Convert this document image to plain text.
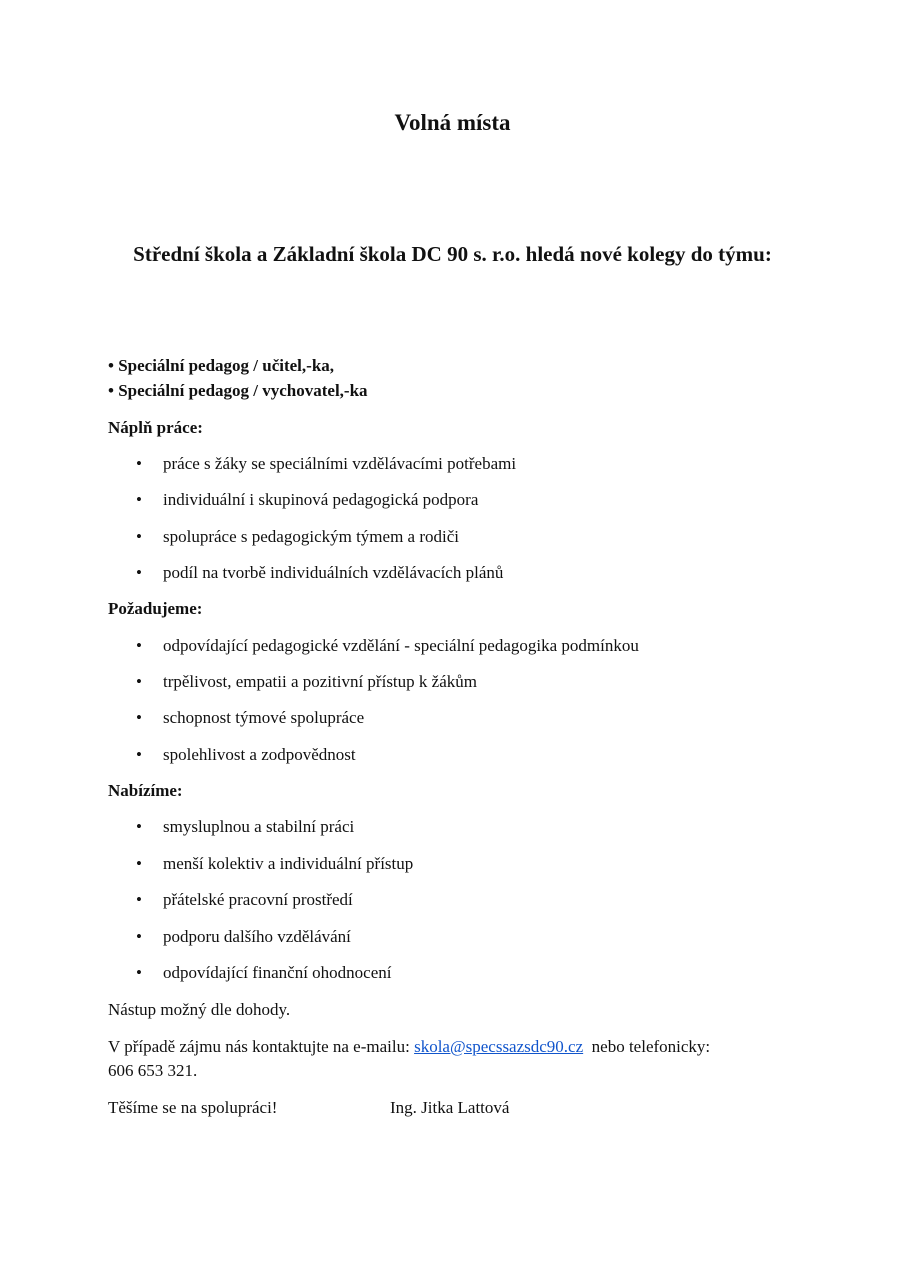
Volná místa
Střední škola a Základní škola DC 90 s. r.o. hledá nové kolegy do týmu:

• Speciální pedagog / učitel,-ka,

• Speciální pedagog / vychovatel,-ka

Náplň práce:

• práce s žáky se speciálními vzdělávacími potřebami
• individuální i skupinová pedagogická podpora
• spolupráce s pedagogickým týmem a rodiči
• podíl na tvorbě individuálních vzdělávacích plánů

Požadujeme:

• odpovídající pedagogické vzdělání - speciální pedagogika podmínkou
• trpělivost, empatii a pozitivní přístup k žákům
• schopnost týmové spolupráce
• spolehlivost a zodpovědnost

Nabízíme:

• smysluplnou a stabilní práci
• menší kolektiv a individuální přístup
• přátelské pracovní prostředí
• podporu dalšího vzdělávání
• odpovídající finanční ohodnocení

Nástup možný dle dohody.

V případě zájmu nás kontaktujte na e-mailu: skola@specssazsdc90.cz  nebo telefonicky:

606 653 321.

Těšíme se na spolupráci!	Ing. Jitka Lattová
